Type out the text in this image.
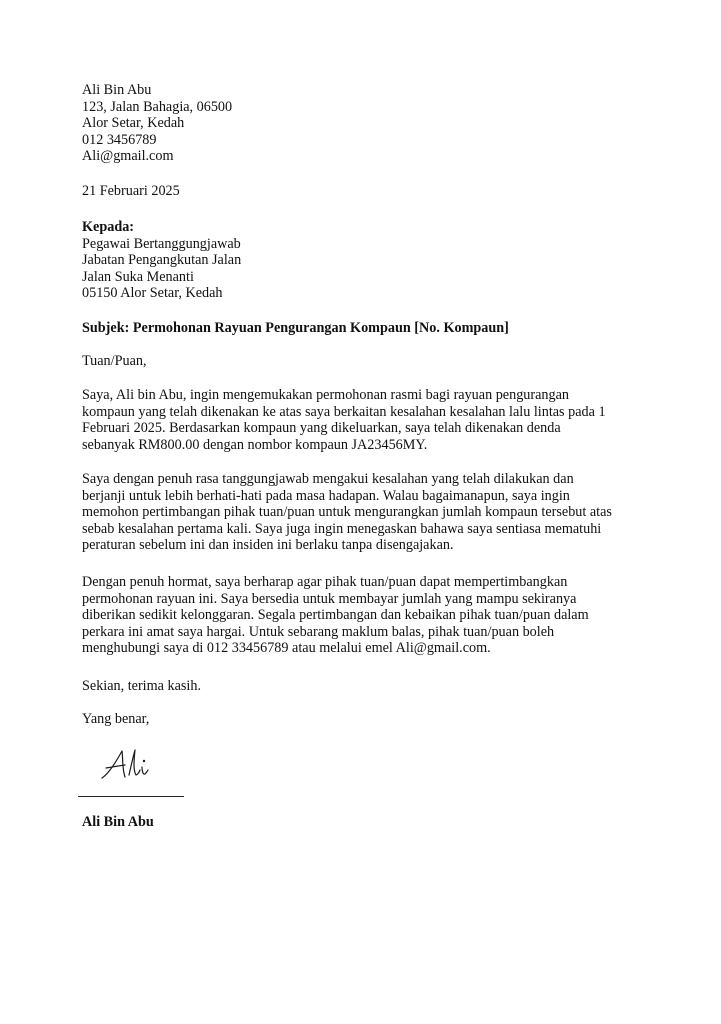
Ali Bin Abu
123, Jalan Bahagia, 06500
Alor Setar, Kedah
012 3456789
Ali@gmail.com
21 Februari 2025
Kepada:
Pegawai Bertanggungjawab
Jabatan Pengangkutan Jalan
Jalan Suka Menanti
05150 Alor Setar, Kedah
Subjek: Permohonan Rayuan Pengurangan Kompaun [No. Kompaun]
Tuan/Puan,
Saya, Ali bin Abu, ingin mengemukakan permohonan rasmi bagi rayuan pengurangan
kompaun yang telah dikenakan ke atas saya berkaitan kesalahan kesalahan lalu lintas pada 1
Februari 2025. Berdasarkan kompaun yang dikeluarkan, saya telah dikenakan denda
sebanyak RM800.00 dengan nombor kompaun JA23456MY.
Saya dengan penuh rasa tanggungjawab mengakui kesalahan yang telah dilakukan dan
berjanji untuk lebih berhati-hati pada masa hadapan. Walau bagaimanapun, saya ingin
memohon pertimbangan pihak tuan/puan untuk mengurangkan jumlah kompaun tersebut atas
sebab kesalahan pertama kali. Saya juga ingin menegaskan bahawa saya sentiasa mematuhi
peraturan sebelum ini dan insiden ini berlaku tanpa disengajakan.
Dengan penuh hormat, saya berharap agar pihak tuan/puan dapat mempertimbangkan
permohonan rayuan ini. Saya bersedia untuk membayar jumlah yang mampu sekiranya
diberikan sedikit kelonggaran. Segala pertimbangan dan kebaikan pihak tuan/puan dalam
perkara ini amat saya hargai. Untuk sebarang maklum balas, pihak tuan/puan boleh
menghubungi saya di 012 33456789 atau melalui emel Ali@gmail.com.
Sekian, terima kasih.
Yang benar,
Ali Bin Abu
